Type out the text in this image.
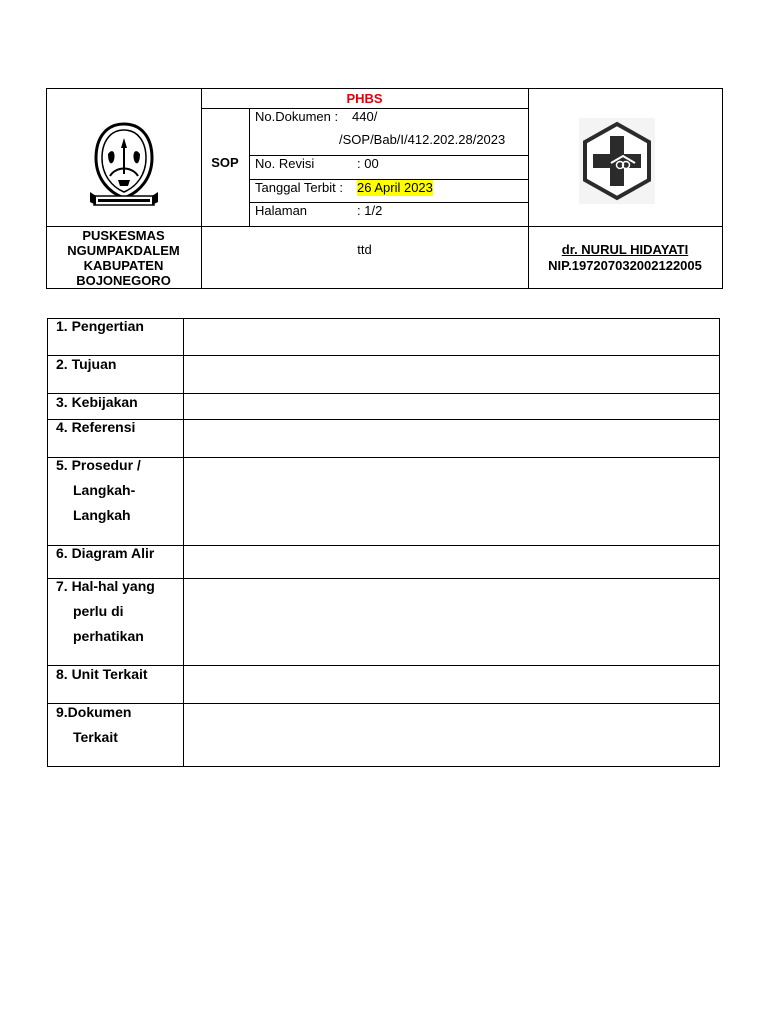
PHBS
SOP
No.Dokumen : 440/
/SOP/Bab/I/412.202.28/2023
No. Revisi	: 00
Tanggal Terbit : 26 April 2023
Halaman	: 1/2
PUSKESMAS
NGUMPAKDALEM
KABUPATEN
BOJONEGORO
ttd	dr. NURUL HIDAYATI
NIP.197207032002122005
1. Pengertian
2. Tujuan
3. Kebijakan
4. Referensi
5. Prosedur /
Langkah-
Langkah
6. Diagram Alir
7. Hal-hal yang
perlu di
perhatikan
8. Unit Terkait
9.Dokumen
Terkait
